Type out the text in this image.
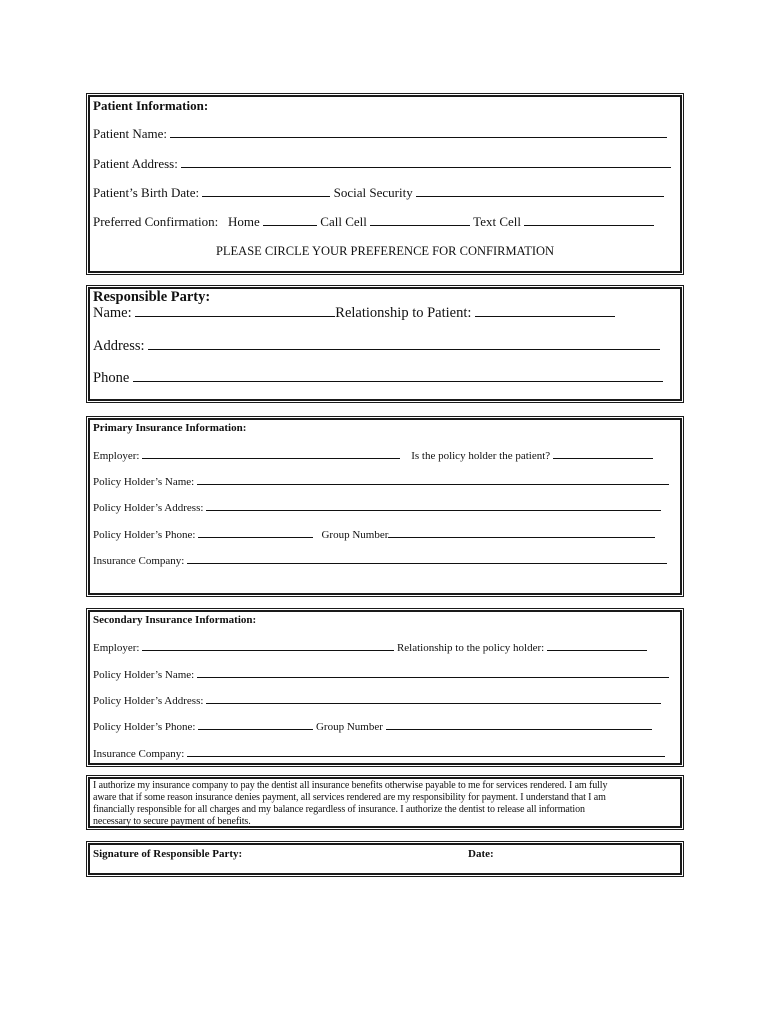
Patient Information:
Patient Name:
Patient Address:
Patient’s Birth Date:	Social Security
Preferred Confirmation: Home	Call Cell	Text Cell
PLEASE CIRCLE YOUR PREFERENCE FOR CONFIRMATION
Responsible Party:
Name:	Relationship to Patient:
Address:
Phone
Primary Insurance Information:
Employer:	Is the policy holder the patient?
Policy Holder’s Name:
Policy Holder’s Address:
Policy Holder’s Phone:	Group Number
Insurance Company:
Secondary Insurance Information:
Employer:	Relationship to the policy holder:
Policy Holder’s Name:
Policy Holder’s Address:
Policy Holder’s Phone:	Group Number
Insurance Company:
I authorize my insurance company to pay the dentist all insurance benefits otherwise payable to me for services rendered. I am fully
aware that if some reason insurance denies payment, all services rendered are my responsibility for payment. I understand that I am
financially responsible for all charges and my balance regardless of insurance. I authorize the dentist to release all information
necessary to secure payment of benefits.
Signature of Responsible Party:	Date:
